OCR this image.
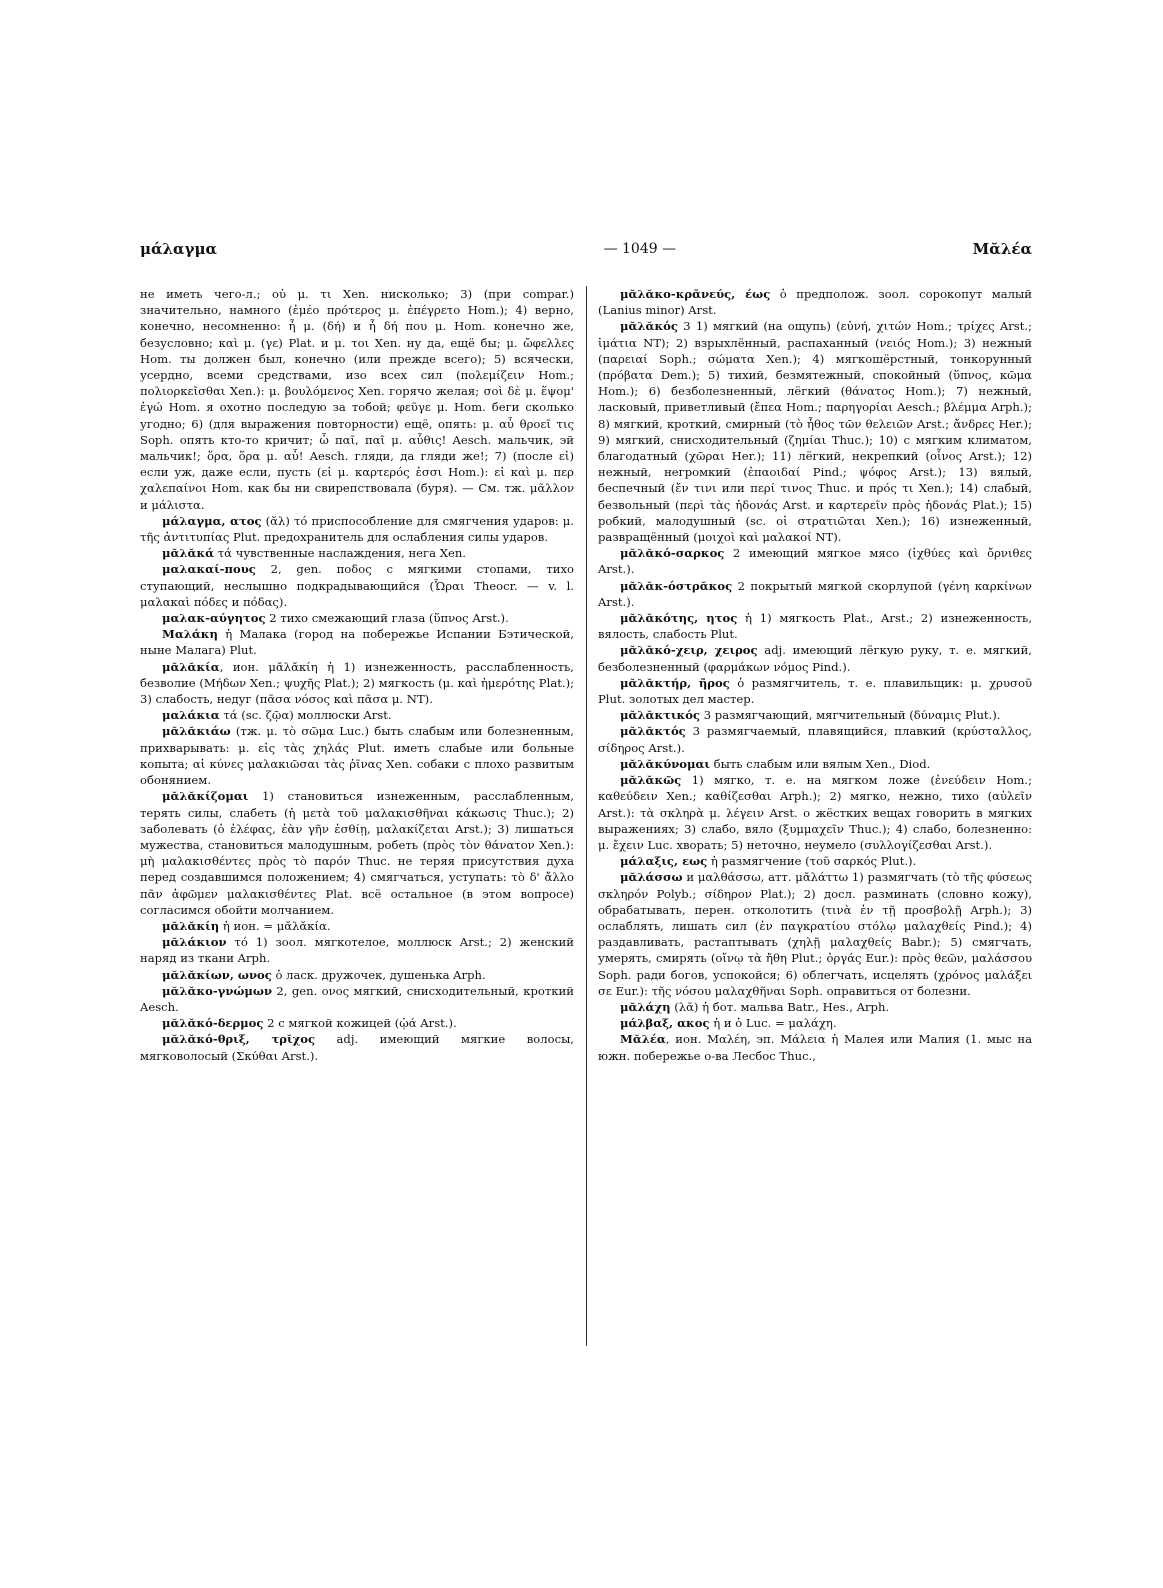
μάλαγμα	— 1049 —	Μᾰλέα

не иметь чего-л.; οὐ μ. τι Xen. нисколько; 3) (при compar.) значительно, намного (ἐμέο πρότερος μ. ἐπέγρετο Hom.); 4) верно, конечно, несомненно: ἦ μ. (δή) и ἦ δή που μ. Hom. конечно же, безусловно; καὶ μ. (γε) Plat. и μ. τοι Xen. ну да, ещё бы; μ. ὤφελλες Hom. ты должен был, конечно (или прежде всего); 5) всячески, усердно, всеми средствами, изо всех сил (πολεμίζειν Hom.; πολιορκεῖσθαι Xen.): μ. βουλόμενος Xen. горячо желая; σοὶ δὲ μ. ἕψομ' ἐγώ Hom. я охотно последую за тобой; φεῦγε μ. Hom. беги сколько угодно; 6) (для выражения повторности) ещё, опять: μ. αὖ θροεῖ τις Soph. опять кто-то кричит; ὦ παῖ, παῖ μ. αὖθις! Aesch. мальчик, эй мальчик!; ὅρα, ὅρα μ. αὖ! Aesch. гляди, да гляди же!; 7) (после εἰ) если уж, даже если, пусть (εἰ μ. καρτερός ἐσσι Hom.): εἰ καὶ μ. περ χαλεπαίνοι Hom. как бы ни свирепствовала (буря). — См. тж. μᾶλλον и μάλιστα.

μάλαγμα, ατος (ᾰλ) τό приспособление для смягчения ударов: μ. τῆς ἀντιτυπίας Plut. предохранитель для ослабления силы ударов.

μᾰλᾰκά τά чувственные наслаждения, нега Xen.

μαλακαί-πους 2, gen. ποδος с мягкими стопами, тихо ступающий, неслышно подкрадывающийся (Ὧραι Theocr. — v. l. μαλακαὶ πόδες и πόδας).

μαλακ-αύγητος 2 тихо смежающий глаза (ὕπνος Arst.).

Μαλάκη ἡ Малака (город на побережье Испании Бэтической, ныне Малага) Plut.

μᾰλᾰκία, ион. μᾰλᾰκίη ἡ 1) изнеженность, расслабленность, безволие (Μήδων Xen.; ψυχῆς Plat.); 2) мягкость (μ. καὶ ἡμερότης Plat.); 3) слабость, недуг (πᾶσα νόσος καὶ πᾶσα μ. NT).

μαλάκια τά (sc. ζῷα) моллюски Arst.

μᾰλᾰκιάω (тж. μ. τὸ σῶμα Luc.) быть слабым или болезненным, прихварывать: μ. εἰς τὰς χηλάς Plut. иметь слабые или больные копыта; αἱ κύνες μαλακιῶσαι τὰς ῥῖνας Xen. собаки с плохо развитым обонянием.

μᾰλᾰκίζομαι 1) становиться изнеженным, расслабленным, терять силы, слабеть (ἡ μετὰ τοῦ μαλακισθῆναι κάκωσις Thuc.); 2) заболевать (ὁ ἐλέφας, ἐὰν γῆν ἐσθίῃ, μαλακίζεται Arst.); 3) лишаться мужества, становиться малодушным, робеть (πρὸς τὸν θάνατον Xen.): μὴ μαλακισθέντες πρὸς τὸ παρόν Thuc. не теряя присутствия духа перед создавшимся положением; 4) смягчаться, уступать: τὸ δ' ἄλλο πᾶν ἀφῶμεν μαλακισθέντες Plat. всё остальное (в этом вопросе) согласимся обойти молчанием.

μᾰλᾰκίη ἡ ион. = μᾰλᾰκία.

μᾰλάκιον τό 1) зоол. мягкотелое, моллюск Arst.; 2) женский наряд из ткани Arph.

μᾰλᾰκίων, ωνος ὁ ласк. дружочек, душенька Arph.

μᾰλᾰκο-γνώμων 2, gen. ονος мягкий, снисходительный, кроткий Aesch.

μᾰλᾰκό-δερμος 2 с мягкой кожицей (ᾠά Arst.).

μᾰλᾰκό-θριξ, τρῐχος adj. имеющий мягкие волосы, мягковолосый (Σκύθαι Arst.).

μᾰλᾰκο-κρᾱνεύς, έως ὁ предполож. зоол. сорокопут малый (Lanius minor) Arst.

μᾰλᾰκός 3 1) мягкий (на ощупь) (εὐνή, χιτών Hom.; τρίχες Arst.; ἱμάτια NT); 2) взрыхлённый, распаханный (νειός Hom.); 3) нежный (παρειαί Soph.; σώματα Xen.); 4) мягкошёрстный, тонкорунный (πρόβατα Dem.); 5) тихий, безмятежный, спокойный (ὕπνος, κῶμα Hom.); 6) безболезненный, лёгкий (θάνατος Hom.); 7) нежный, ласковый, приветливый (ἔπεα Hom.; παρηγορίαι Aesch.; βλέμμα Arph.); 8) мягкий, кроткий, смирный (τὸ ἦθος τῶν θελειῶν Arst.; ἄνδρες Her.); 9) мягкий, снисходительный (ζημίαι Thuc.); 10) с мягким климатом, благодатный (χῶραι Her.); 11) лёгкий, некрепкий (οἶνος Arst.); 12) нежный, негромкий (ἐπαοιδαί Pind.; ψόφος Arst.); 13) вялый, беспечный (ἔν τινι или περί τινος Thuc. и πρός τι Xen.); 14) слабый, безвольный (περὶ τὰς ἡδονάς Arst. и καρτερεῖν πρὸς ἡδονάς Plat.); 15) робкий, малодушный (sc. οἱ στρατιῶται Xen.); 16) изнеженный, развращённый (μοιχοὶ καὶ μαλακοί NT).

μᾰλᾰκό-σαρκος 2 имеющий мягкое мясо (ἰχθύες καὶ ὄρνιθες Arst.).

μᾰλᾰκ-όστρᾰκος 2 покрытый мягкой скорлупой (γένη καρκίνων Arst.).

μᾰλᾰκότης, ητος ἡ 1) мягкость Plat., Arst.; 2) изнеженность, вялость, слабость Plut.

μᾰλᾰκό-χειρ, χειρος adj. имеющий лёгкую руку, т. е. мягкий, безболезненный (φαρμάκων νόμος Pind.).

μᾰλᾰκτήρ, ῆρος ὁ размягчитель, т. е. плавильщик: μ. χρυσοῦ Plut. золотых дел мастер.

μᾰλᾰκτικός 3 размягчающий, мягчительный (δύναμις Plut.).

μᾰλᾰκτός 3 размягчаемый, плавящийся, плавкий (κρύσταλλος, σίδηρος Arst.).

μᾰλᾰκύνομαι быть слабым или вялым Xen., Diod.

μᾰλᾰκῶς 1) мягко, т. е. на мягком ложе (ἐνεύδειν Hom.; καθεύδειν Xen.; καθίζεσθαι Arph.); 2) мягко, нежно, тихо (αὐλεῖν Arst.): τὰ σκληρὰ μ. λέγειν Arst. о жёстких вещах говорить в мягких выражениях; 3) слабо, вяло (ξυμμαχεῖν Thuc.); 4) слабо, болезненно: μ. ἔχειν Luc. хворать; 5) неточно, неумело (συλλογίζεσθαι Arst.).

μάλαξις, εως ἡ размягчение (τοῦ σαρκός Plut.).

μᾰλάσσω и μαλθάσσω, атт. μᾰλάττω 1) размягчать (τὸ τῆς φύσεως σκληρόν Polyb.; σίδηρον Plat.); 2) досл. разминать (словно кожу), обрабатывать, перен. отколотить (τινὰ ἐν τῇ προσβολῇ Arph.); 3) ослаблять, лишать сил (ἐν παγκρατίου στόλῳ μαλαχθείς Pind.); 4) раздавливать, растаптывать (χηλῇ μαλαχθείς Babr.); 5) смягчать, умерять, смирять (οἴνῳ τὰ ἤθη Plut.; ὀργάς Eur.): πρὸς θεῶν, μαλάσσου Soph. ради богов, успокойся; 6) облегчать, исцелять (χρόνος μαλάξει σε Eur.): τῆς νόσου μαλαχθῆναι Soph. оправиться от болезни.

μᾰλάχη (λᾶ) ἡ бот. мальва Batr., Hes., Arph.

μάλβαξ, ακος ἡ и ὁ Luc. = μαλάχη.

Μᾰλέα, ион. Μαλέη, эп. Μάλεια ἡ Малея или Малия (1. мыс на южн. побережье о-ва Лесбос Thuc.,
